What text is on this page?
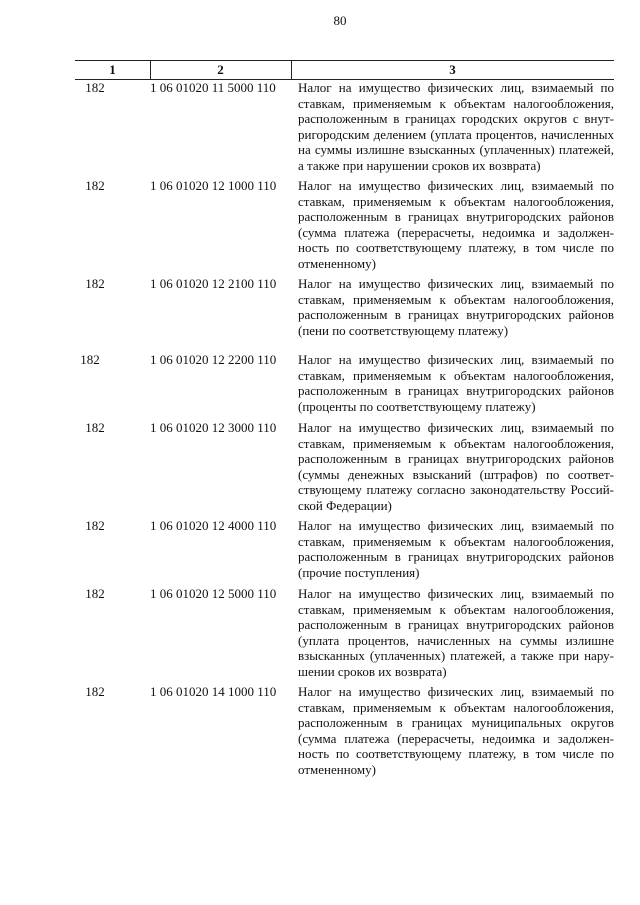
80
1	2	3
182	1 06 01020 11 5000 110	Налог на имущество физических лиц, взимаемый по
ставкам, применяемым к объектам налогообложения,
расположенным в границах городских округов с внут-
ригородским делением (уплата процентов, начисленных
на суммы излишне взысканных (уплаченных) платежей,
а также при нарушении сроков их возврата)
182	1 06 01020 12 1000 110	Налог на имущество физических лиц, взимаемый по
ставкам, применяемым к объектам налогообложения,
расположенным в границах внутригородских районов
(сумма платежа (перерасчеты, недоимка и задолжен-
ность по соответствующему платежу, в том числе по
отмененному)
182	1 06 01020 12 2100 110	Налог на имущество физических лиц, взимаемый по
ставкам, применяемым к объектам налогообложения,
расположенным в границах внутригородских районов
(пени по соответствующему платежу)
182	1 06 01020 12 2200 110	Налог на имущество физических лиц, взимаемый по
ставкам, применяемым к объектам налогообложения,
расположенным в границах внутригородских районов
(проценты по соответствующему платежу)
182	1 06 01020 12 3000 110	Налог на имущество физических лиц, взимаемый по
ставкам, применяемым к объектам налогообложения,
расположенным в границах внутригородских районов
(суммы денежных взысканий (штрафов) по соответ-
ствующему платежу согласно законодательству Россий-
ской Федерации)
182	1 06 01020 12 4000 110	Налог на имущество физических лиц, взимаемый по
ставкам, применяемым к объектам налогообложения,
расположенным в границах внутригородских районов
(прочие поступления)
182	1 06 01020 12 5000 110	Налог на имущество физических лиц, взимаемый по
ставкам, применяемым к объектам налогообложения,
расположенным в границах внутригородских районов
(уплата процентов, начисленных на суммы излишне
взысканных (уплаченных) платежей, а также при нару-
шении сроков их возврата)
182	1 06 01020 14 1000 110	Налог на имущество физических лиц, взимаемый по
ставкам, применяемым к объектам налогообложения,
расположенным в границах муниципальных округов
(сумма платежа (перерасчеты, недоимка и задолжен-
ность по соответствующему платежу, в том числе по
отмененному)
